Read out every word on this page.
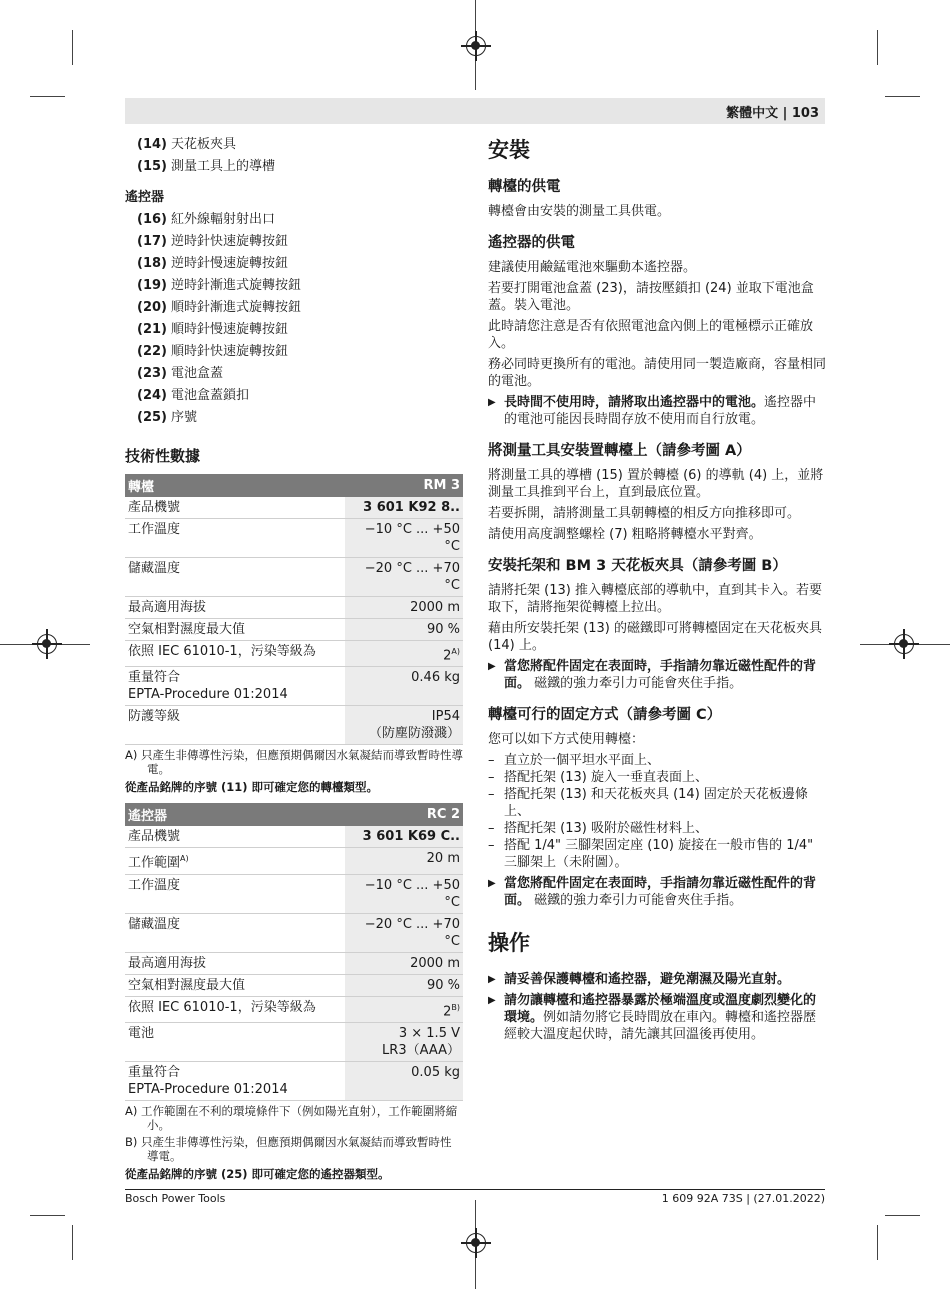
繁體中文 | 103
(14) 天花板夾具
(15) 測量工具上的導槽
遙控器
(16) 紅外線輻射射出口
(17) 逆時針快速旋轉按鈕
(18) 逆時針慢速旋轉按鈕
(19) 逆時針漸進式旋轉按鈕
(20) 順時針漸進式旋轉按鈕
(21) 順時針慢速旋轉按鈕
(22) 順時針快速旋轉按鈕
(23) 電池盒蓋
(24) 電池盒蓋鎖扣
(25) 序號
技術性數據
轉檯	RM 3
產品機號	3 601 K92 8..
工作溫度	−10 °C ... +50 °C
儲藏溫度	−20 °C ... +70 °C
最高適用海拔	2000 m
空氣相對濕度最大值	90 %
依照 IEC 61010-1，污染等級為	$2^{A)}$

重量符合
EPTA-Procedure 01:2014	0.46 kg
防護等級	IP54
（防塵防潑濺）
A) 只產生非傳導性污染，但應預期偶爾因水氣凝結而導致暫時性導電。
從產品銘牌的序號 (11) 即可確定您的轉檯類型。
遙控器	RC 2
產品機號	3 601 K69 C..
工作範圍$^{A)}$	20 m
工作溫度	−10 °C ... +50 °C
儲藏溫度	−20 °C ... +70 °C
最高適用海拔	2000 m
空氣相對濕度最大值	90 %
依照 IEC 61010-1，污染等級為	$2^{B)}$
電池	3 × 1.5 V
LR3（AAA）

重量符合
EPTA-Procedure 01:2014	0.05 kg
A) 工作範圍在不利的環境條件下（例如陽光直射），工作範圍將縮小。
B) 只產生非傳導性污染，但應預期偶爾因水氣凝結而導致暫時性導電。
從產品銘牌的序號 (25) 即可確定您的遙控器類型。
安裝
轉檯的供電
轉檯會由安裝的測量工具供電。
遙控器的供電
建議使用鹼錳電池來驅動本遙控器。
若要打開電池盒蓋 (23)，請按壓鎖扣 (24) 並取下電池盒蓋。裝入電池。
此時請您注意是否有依照電池盒內側上的電極標示正確放入。
務必同時更換所有的電池。請使用同一製造廠商，容量相同的電池。
▶ 長時間不使用時，請將取出遙控器中的電池。遙控器中的電池可能因長時間存放不使用而自行放電。
將測量工具安裝置轉檯上（請參考圖 A）
將測量工具的導槽 (15) 置於轉檯 (6) 的導軌 (4) 上，並將測量工具推到平台上，直到最底位置。
若要拆開，請將測量工具朝轉檯的相反方向推移即可。
請使用高度調整螺栓 (7) 粗略將轉檯水平對齊。
安裝托架和 BM 3 天花板夾具（請參考圖 B）
請將托架 (13) 推入轉檯底部的導軌中，直到其卡入。若要取下，請將拖架從轉檯上拉出。
藉由所安裝托架 (13) 的磁鐵即可將轉檯固定在天花板夾具 (14) 上。
▶ 當您將配件固定在表面時，手指請勿靠近磁性配件的背面。 磁鐵的強力牽引力可能會夾住手指。
轉檯可行的固定方式（請參考圖 C）
您可以如下方式使用轉檯：
– 直立於一個平坦水平面上、
– 搭配托架 (13) 旋入一垂直表面上、
– 搭配托架 (13) 和天花板夾具 (14) 固定於天花板邊條上、
– 搭配托架 (13) 吸附於磁性材料上、
– 搭配 1/4" 三腳架固定座 (10) 旋接在一般市售的 1/4" 三腳架上（未附圖）。
▶ 當您將配件固定在表面時，手指請勿靠近磁性配件的背面。 磁鐵的強力牽引力可能會夾住手指。
操作
▶ 請妥善保護轉檯和遙控器，避免潮濕及陽光直射。
▶ 請勿讓轉檯和遙控器暴露於極端溫度或溫度劇烈變化的環境。例如請勿將它長時間放在車內。轉檯和遙控器歷經較大溫度起伏時，請先讓其回溫後再使用。
Bosch Power Tools	1 609 92A 73S | (27.01.2022)
